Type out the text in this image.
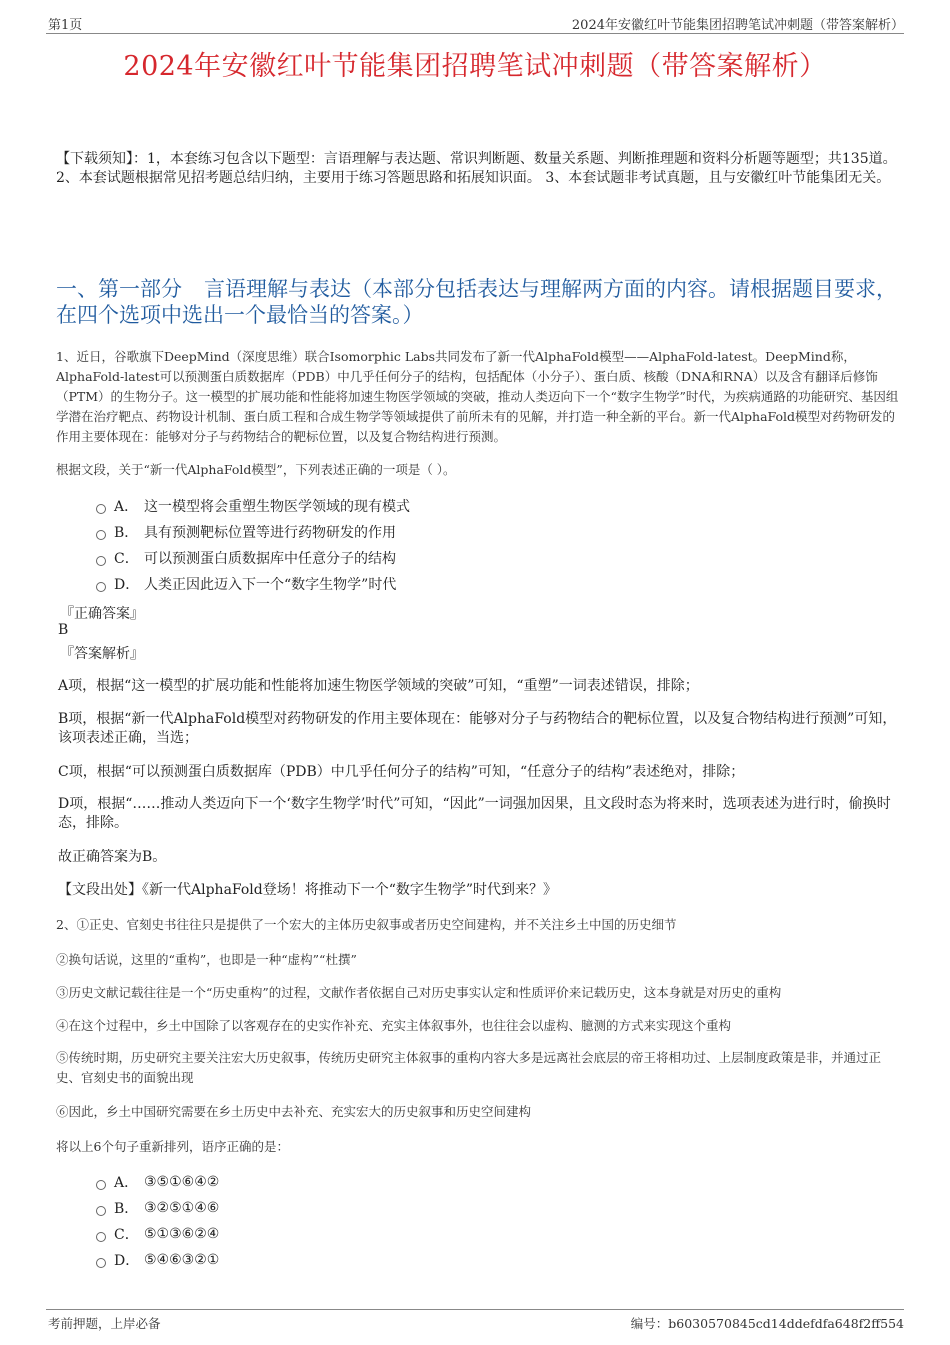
第1页	2024年安徽红叶节能集团招聘笔试冲刺题（带答案解析）
2024年安徽红叶节能集团招聘笔试冲刺题（带答案解析）
【下载须知】：1，本套练习包含以下题型：言语理解与表达题、常识判断题、数量关系题、判断推理题和资料分析题等题型；共135道。 2、本套试题根据常见招考题总结归纳，主要用于练习答题思路和拓展知识面。 3、本套试题非考试真题，且与安徽红叶节能集团无关。
一、第一部分 言语理解与表达（本部分包括表达与理解两方面的内容。请根据题目要求，在四个选项中选出一个最恰当的答案。）
1、近日，谷歌旗下DeepMind（深度思维）联合Isomorphic Labs共同发布了新一代AlphaFold模型——AlphaFold-latest。DeepMind称，AlphaFold-latest可以预测蛋白质数据库（PDB）中几乎任何分子的结构，包括配体（小分子）、蛋白质、核酸（DNA和RNA）以及含有翻译后修饰（PTM）的生物分子。这一模型的扩展功能和性能将加速生物医学领域的突破，推动人类迈向下一个“数字生物学”时代，为疾病通路的功能研究、基因组学潜在治疗靶点、药物设计机制、蛋白质工程和合成生物学等领域提供了前所未有的见解，并打造一种全新的平台。新一代AlphaFold模型对药物研发的作用主要体现在：能够对分子与药物结合的靶标位置，以及复合物结构进行预测。
根据文段，关于“新一代AlphaFold模型”，下列表述正确的一项是（ ）。
A． 这一模型将会重塑生物医学领域的现有模式
B． 具有预测靶标位置等进行药物研发的作用
C． 可以预测蛋白质数据库中任意分子的结构
D． 人类正因此迈入下一个“数字生物学”时代
『正确答案』
B
『答案解析』
A项，根据“这一模型的扩展功能和性能将加速生物医学领域的突破”可知，“重塑”一词表述错误，排除；
B项，根据“新一代AlphaFold模型对药物研发的作用主要体现在：能够对分子与药物结合的靶标位置，以及复合物结构进行预测”可知，该项表述正确，当选；
C项，根据“可以预测蛋白质数据库（PDB）中几乎任何分子的结构”可知，“任意分子的结构”表述绝对，排除；
D项，根据“……推动人类迈向下一个‘数字生物学’时代”可知，“因此”一词强加因果，且文段时态为将来时，选项表述为进行时，偷换时态，排除。
故正确答案为B。
【文段出处】《新一代AlphaFold登场！将推动下一个“数字生物学”时代到来？》
2、①正史、官刻史书往往只是提供了一个宏大的主体历史叙事或者历史空间建构，并不关注乡土中国的历史细节
②换句话说，这里的“重构”，也即是一种“虚构”“杜撰”
③历史文献记载往往是一个“历史重构”的过程，文献作者依据自己对历史事实认定和性质评价来记载历史，这本身就是对历史的重构
④在这个过程中，乡土中国除了以客观存在的史实作补充、充实主体叙事外，也往往会以虚构、臆测的方式来实现这个重构
⑤传统时期，历史研究主要关注宏大历史叙事，传统历史研究主体叙事的重构内容大多是远离社会底层的帝王将相功过、上层制度政策是非，并通过正史、官刻史书的面貌出现
⑥因此，乡土中国研究需要在乡土历史中去补充、充实宏大的历史叙事和历史空间建构
将以上6个句子重新排列，语序正确的是：
A． ③⑤①⑥④②
B． ③②⑤①④⑥
C． ⑤①③⑥②④
D． ⑤④⑥③②①
考前押题，上岸必备	编号：b6030570845cd14ddefdfa648f2ff554
